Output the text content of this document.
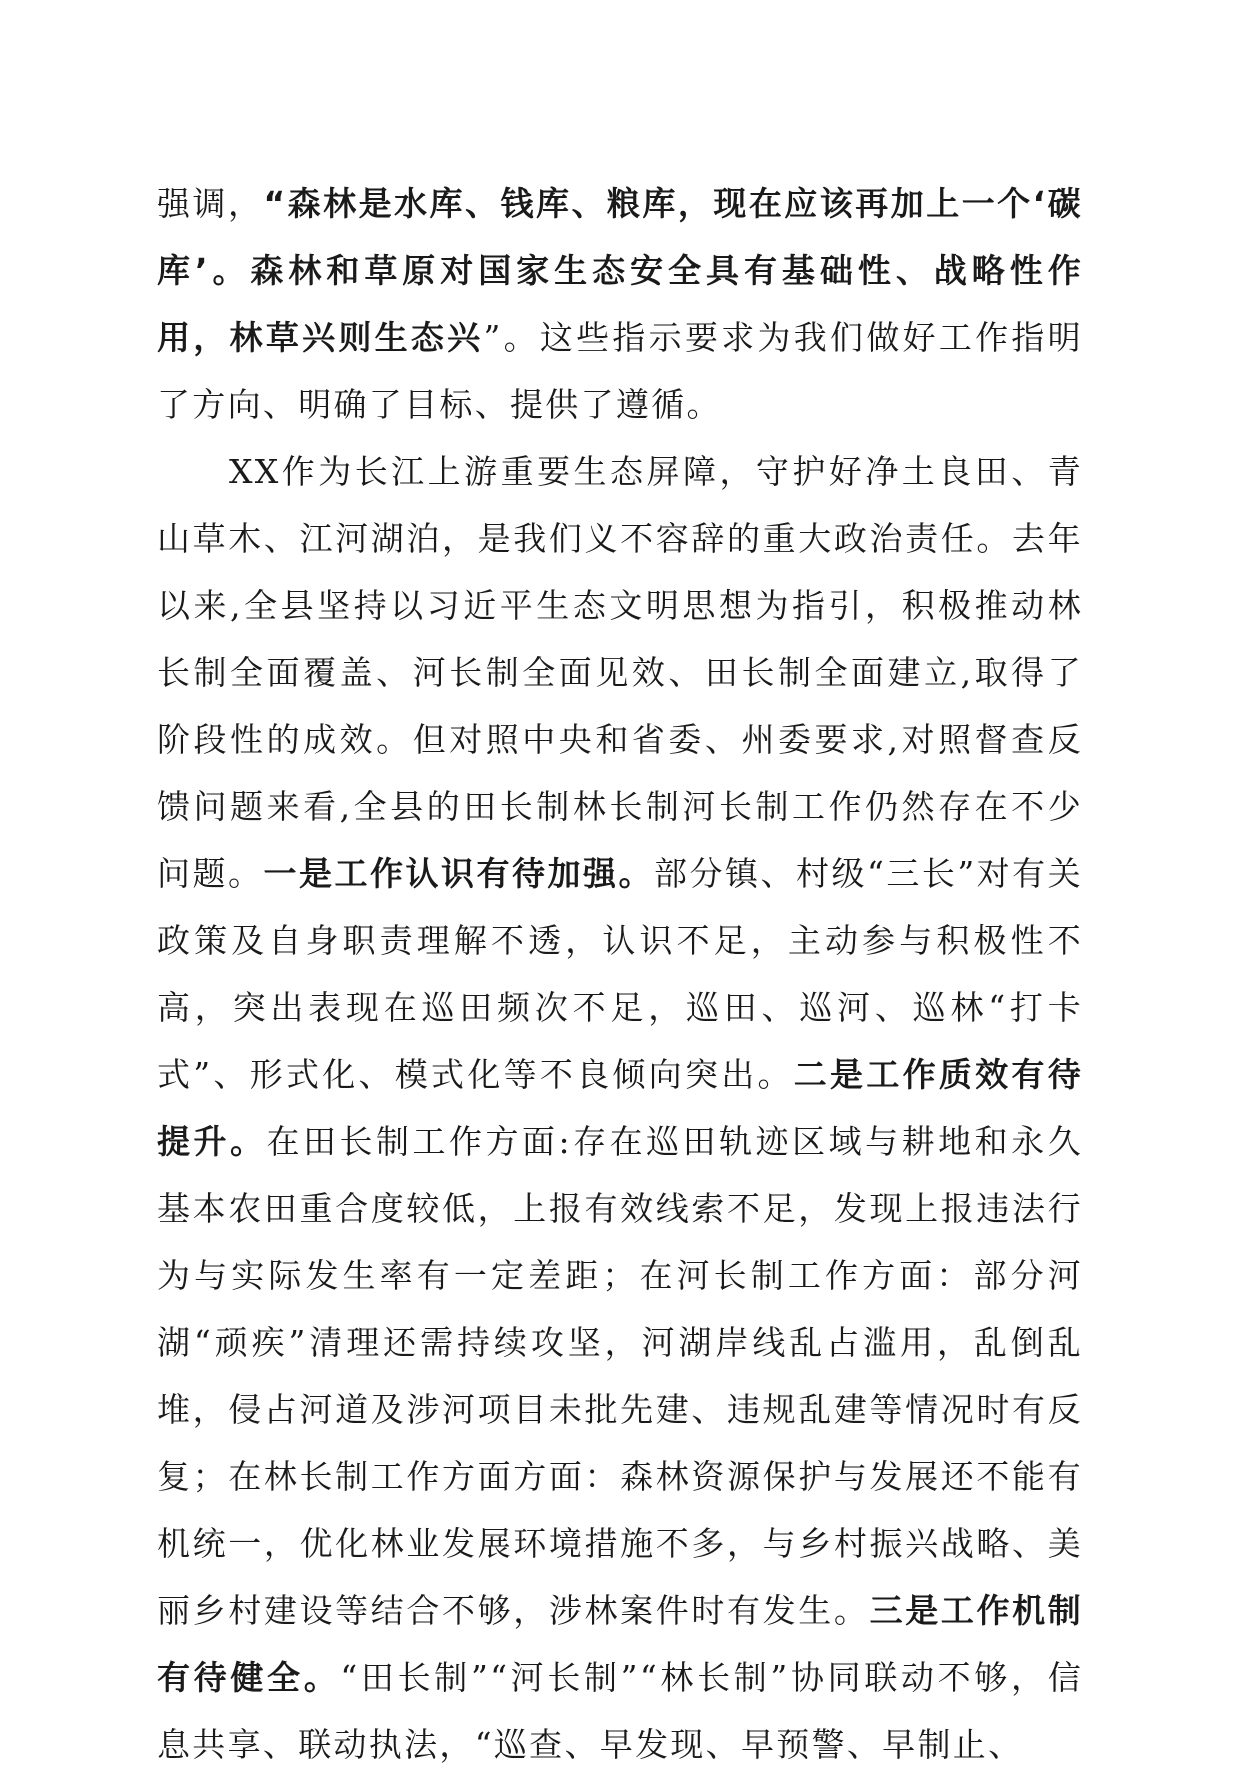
强调，“森林是水库、钱库、粮库，现在应该再加上一个‘碳库’。森林和草原对国家生态安全具有基础性、战略性作用，林草兴则生态兴”。这些指示要求为我们做好工作指明了方向、明确了目标、提供了遵循。

XX作为长江上游重要生态屏障，守护好净土良田、青山草木、江河湖泊，是我们义不容辞的重大政治责任。去年以来,全县坚持以习近平生态文明思想为指引，积极推动林长制全面覆盖、河长制全面见效、田长制全面建立,取得了阶段性的成效。但对照中央和省委、州委要求,对照督查反馈问题来看,全县的田长制林长制河长制工作仍然存在不少问题。一是工作认识有待加强。部分镇、村级“三长”对有关政策及自身职责理解不透，认识不足，主动参与积极性不高，突出表现在巡田频次不足，巡田、巡河、巡林“打卡式”、形式化、模式化等不良倾向突出。二是工作质效有待提升。在田长制工作方面:存在巡田轨迹区域与耕地和永久基本农田重合度较低，上报有效线索不足，发现上报违法行为与实际发生率有一定差距；在河长制工作方面：部分河湖“顽疾”清理还需持续攻坚，河湖岸线乱占滥用，乱倒乱堆，侵占河道及涉河项目未批先建、违规乱建等情况时有反复；在林长制工作方面方面：森林资源保护与发展还不能有机统一，优化林业发展环境措施不多，与乡村振兴战略、美丽乡村建设等结合不够，涉林案件时有发生。三是工作机制有待健全。“田长制”“河长制”“林长制”协同联动不够，信息共享、联动执法，“巡查、早发现、早预警、早制止、
